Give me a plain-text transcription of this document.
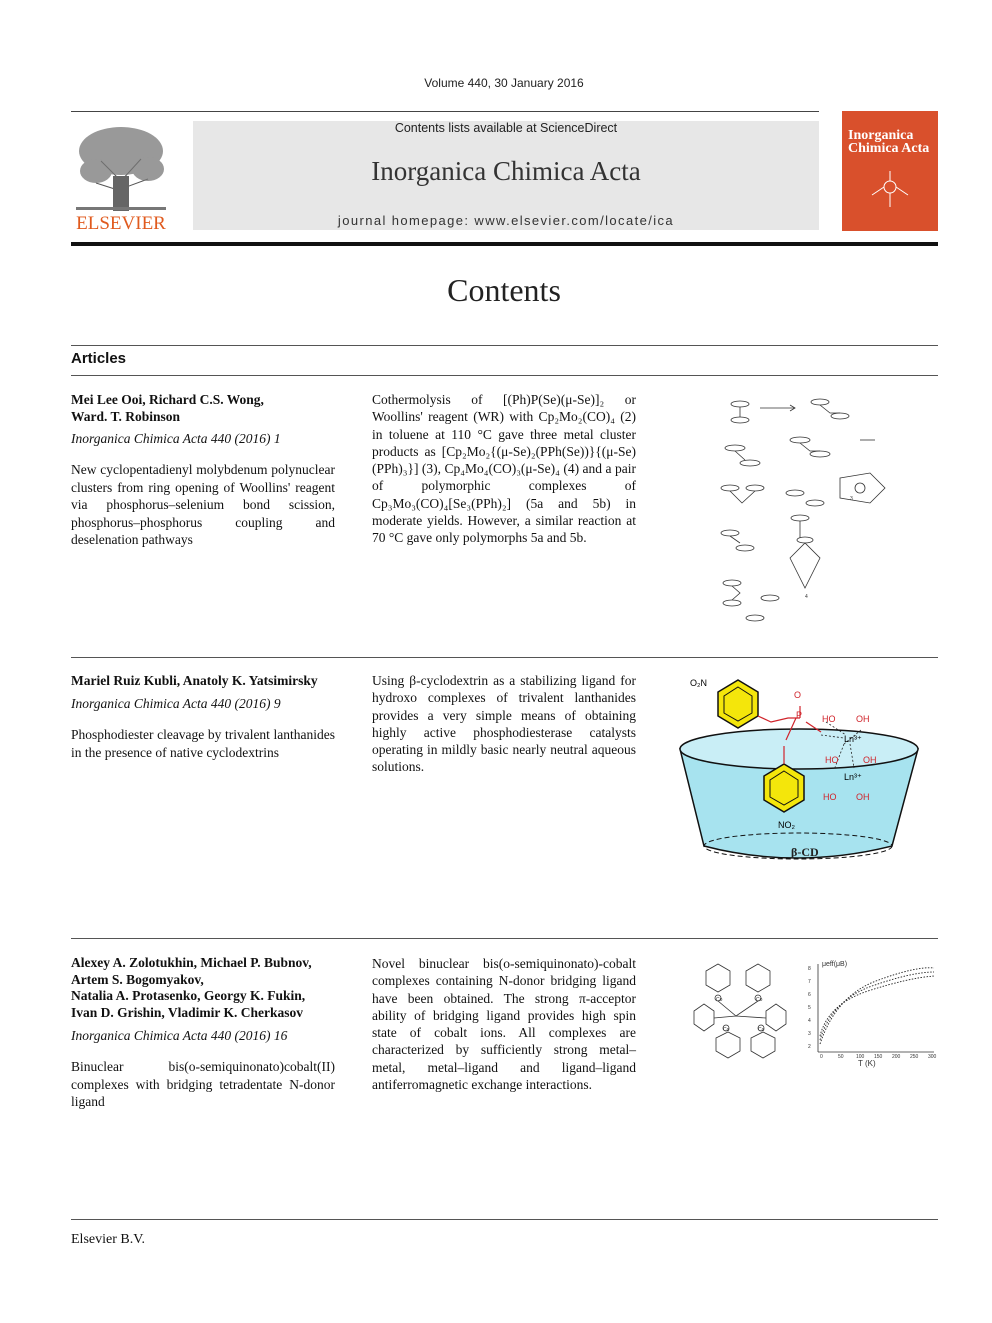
Volume 440, 30 January 2016
ELSEVIER
Contents lists available at ScienceDirect
Inorganica Chimica Acta
journal homepage: www.elsevier.com/locate/ica
Inorganica
Chimica Acta
Contents
Articles
Mei Lee Ooi, Richard C.S. Wong,
Ward. T. Robinson
Inorganica Chimica Acta 440 (2016) 1
New cyclopentadienyl molybdenum polynuclear clusters from ring opening of Woollins' reagent via phosphorus–selenium bond scission, phosphorus–phosphorus coupling and deselenation pathways
Cothermolysis of [(Ph)P(Se)(μ-Se)]₂ or Woollins' reagent (WR) with Cp₂Mo₂(CO)₄ (2) in toluene at 110 °C gave three metal cluster products as [Cp₂Mo₂{(μ-Se)₂(PPh(Se))}{(μ-Se)(PPh)₃}] (3), Cp₄Mo₄(CO)₃(μ-Se)₄ (4) and a pair of polymorphic complexes of Cp₃Mo₃(CO)₄[Se₃(PPh)₂] (5a and 5b) in moderate yields. However, a similar reaction at 70 °C gave only polymorphs 5a and 5b.
3
4
Mariel Ruiz Kubli, Anatoly K. Yatsimirsky
Inorganica Chimica Acta 440 (2016) 9
Phosphodiester cleavage by trivalent lanthanides in the presence of native cyclodextrins
Using β-cyclodextrin as a stabilizing ligand for hydroxo complexes of trivalent lanthanides provides a very simple means of obtaining highly active phosphodiesterase catalysts operating in mildly basic nearly neutral aqueous solutions.
O₂N
NO₂
O
P HO OH
Ln³⁺
HO	OH
Ln³⁺
HO OH
β-CD
Alexey A. Zolotukhin, Michael P. Bubnov,
Artem S. Bogomyakov,
Natalia A. Protasenko, Georgy K. Fukin,
Ivan D. Grishin, Vladimir K. Cherkasov
Inorganica Chimica Acta 440 (2016) 16
Binuclear bis(o-semiquinonato)cobalt(II) complexes with bridging tetradentate N-donor ligand
Novel binuclear bis(o-semiquinonato)-cobalt complexes containing N-donor bridging ligand have been obtained. The strong π-acceptor ability of bridging ligand provides high spin state of cobalt ions. All complexes are characterized by sufficiently strong metal–metal, metal–ligand and ligand–ligand antiferromagnetic exchange interactions.
Co	Co
Co	Co
μeff(μB)
8
7
6
5
4
3
2
0	50 100 150 200 250 300
T (K)
Elsevier B.V.
